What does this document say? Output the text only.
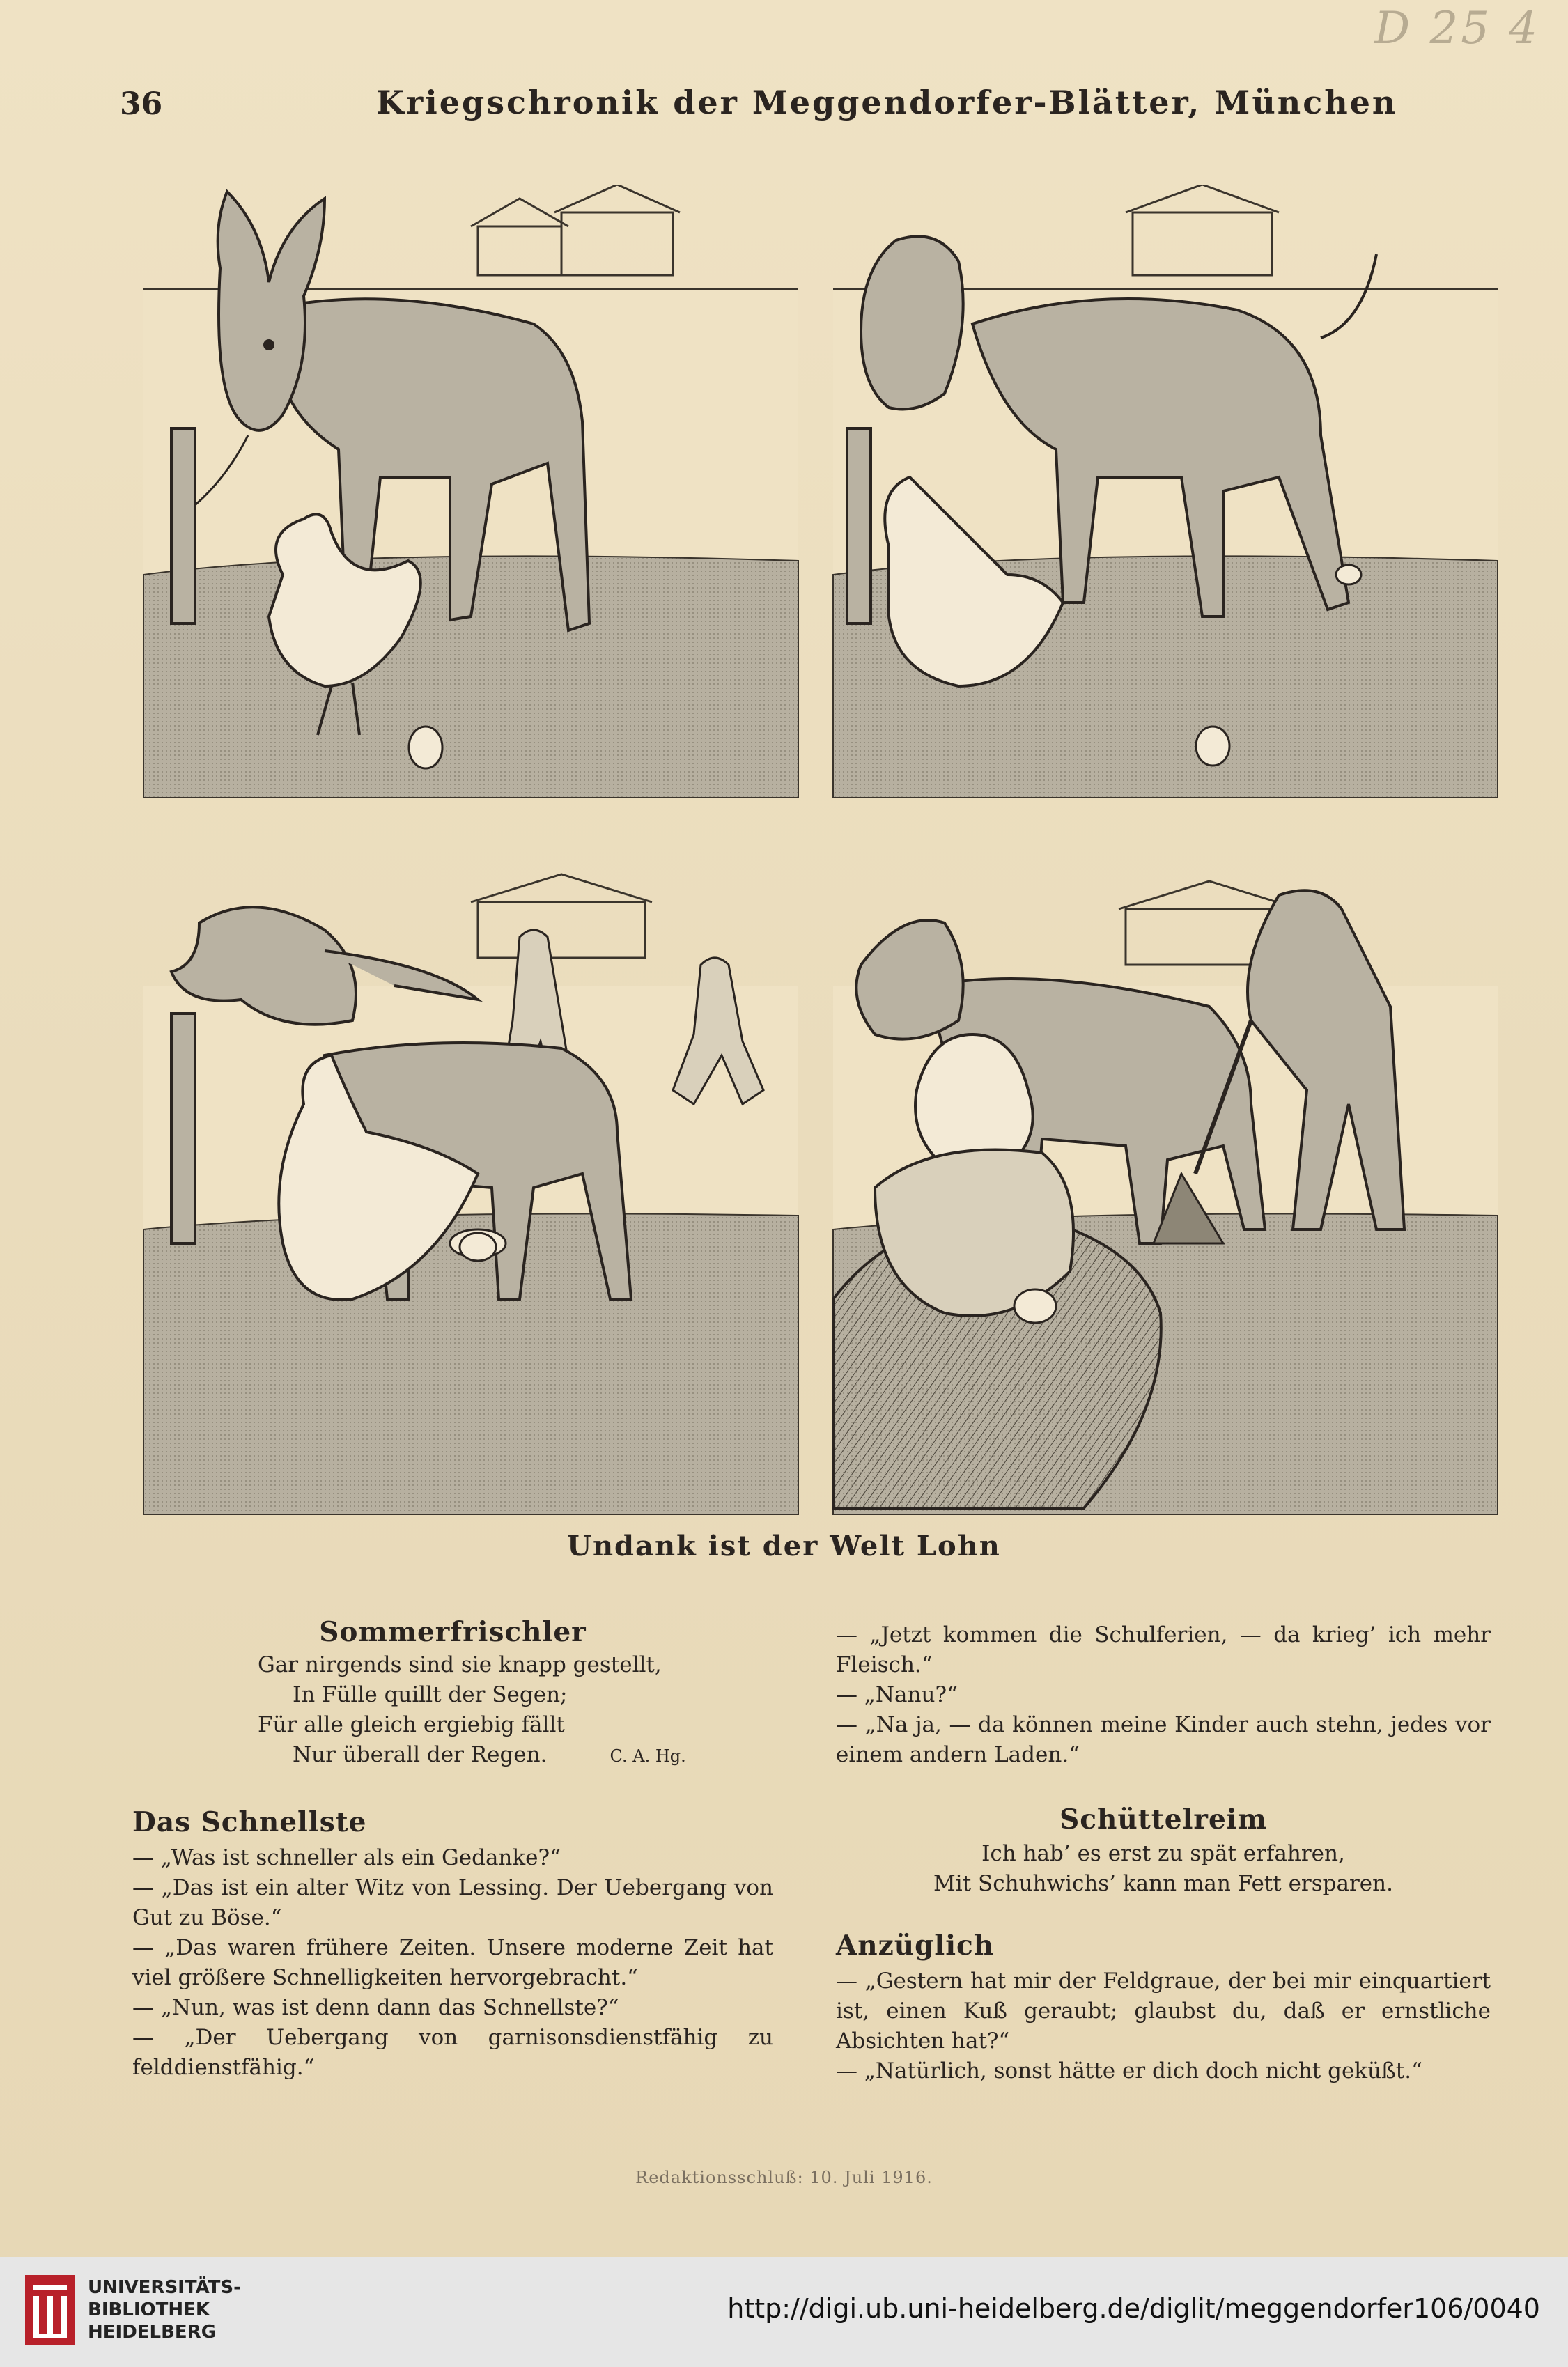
D 25 4
36	Kriegschronik der Meggendorfer-Blätter, München
Undank ist der Welt Lohn
Sommerfrischler

Gar nirgends sind sie knapp gestellt,

In Fülle quillt der Segen;

Für alle gleich ergiebig fällt

Nur überall der Regen.	C. A. Hg.

Das Schnellste

— „Was ist schneller als ein Gedanke?“

— „Das ist ein alter Witz von Lessing. Der Uebergang von Gut zu Böse.“

— „Das waren frühere Zeiten. Unsere moderne Zeit hat viel größere Schnelligkeiten hervorgebracht.“

— „Nun, was ist denn dann das Schnellste?“

— „Der Uebergang von garnisonsdienstfähig zu felddienstfähig.“

— „Jetzt kommen die Schulferien, — da krieg’ ich mehr Fleisch.“

— „Nanu?“

— „Na ja, — da können meine Kinder auch stehn, jedes vor einem andern Laden.“

Schüttelreim

Ich hab’ es erst zu spät erfahren,

Mit Schuhwichs’ kann man Fett ersparen.

Anzüglich

— „Gestern hat mir der Feldgraue, der bei mir einquartiert ist, einen Kuß geraubt; glaubst du, daß er ernstliche Absichten hat?“

— „Natürlich, sonst hätte er dich doch nicht geküßt.“

Redaktionsschluß: 10. Juli 1916.
UNIVERSITÄTS-
BIBLIOTHEK
HEIDELBERG
http://digi.ub.uni-heidelberg.de/diglit/meggendorfer106/0040
